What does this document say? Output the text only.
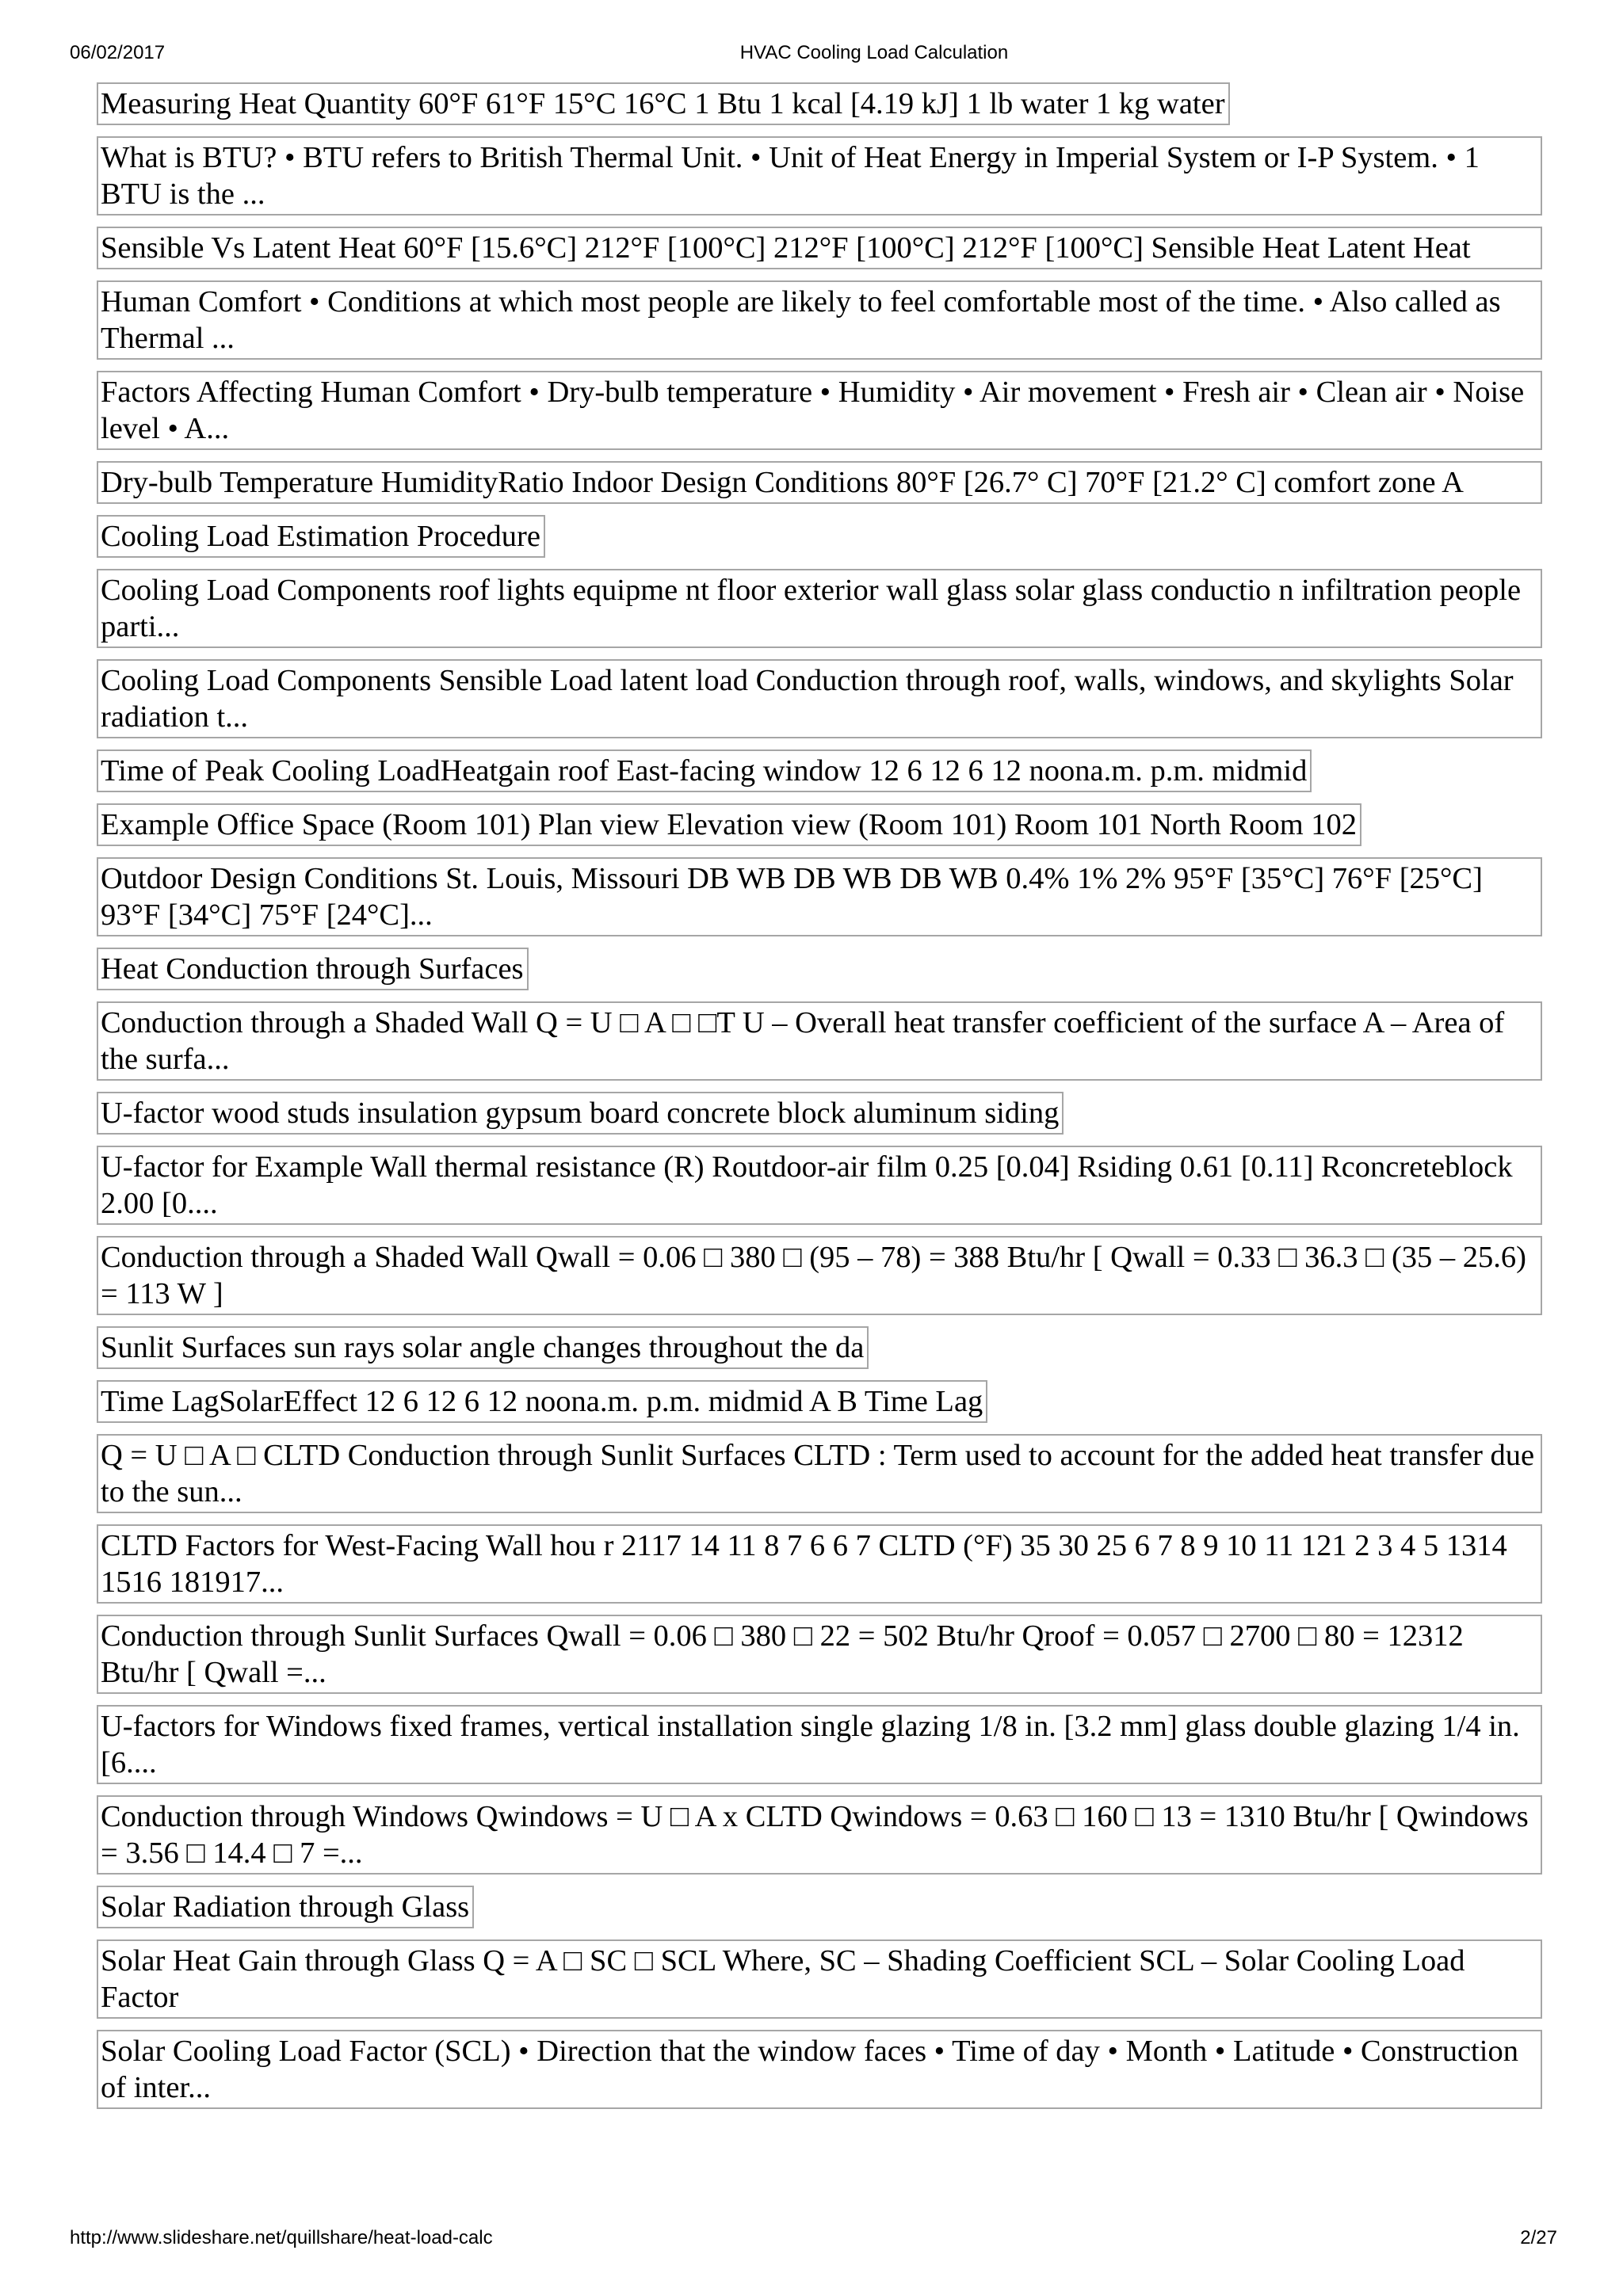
06/02/2017	HVAC Cooling Load Calculation
Measuring Heat Quantity 60°F 61°F 15°C 16°C 1 Btu 1 kcal [4.19 kJ] 1 lb water 1 kg water
What is BTU? • BTU refers to British Thermal Unit. • Unit of Heat Energy in Imperial System or I-P System. • 1 BTU is the ...
Sensible Vs Latent Heat 60°F [15.6°C] 212°F [100°C] 212°F [100°C] 212°F [100°C] Sensible Heat Latent Heat
Human Comfort • Conditions at which most people are likely to feel comfortable most of the time. • Also called as Thermal ...
Factors Affecting Human Comfort • Dry-bulb temperature • Humidity • Air movement • Fresh air • Clean air • Noise level • A...
Dry-bulb Temperature HumidityRatio Indoor Design Conditions 80°F [26.7° C] 70°F [21.2° C] comfort zone A
Cooling Load Estimation Procedure
Cooling Load Components roof lights equipme nt floor exterior wall glass solar glass conductio n infiltration people parti...
Cooling Load Components Sensible Load latent load Conduction through roof, walls, windows, and skylights Solar radiation t...
Time of Peak Cooling LoadHeatgain roof East-facing window 12 6 12 6 12 noona.m. p.m. midmid
Example Office Space (Room 101) Plan view Elevation view (Room 101) Room 101 North Room 102
Outdoor Design Conditions St. Louis, Missouri DB WB DB WB DB WB 0.4% 1% 2% 95°F [35°C] 76°F [25°C] 93°F [34°C] 75°F [24°C]...
Heat Conduction through Surfaces
Conduction through a Shaded Wall Q = U □ A □ □T U – Overall heat transfer coefficient of the surface A – Area of the surfa...
U-factor wood studs insulation gypsum board concrete block aluminum siding
U-factor for Example Wall thermal resistance (R) Routdoor-air film 0.25 [0.04] Rsiding 0.61 [0.11] Rconcreteblock 2.00 [0....
Conduction through a Shaded Wall Qwall = 0.06 □ 380 □ (95 – 78) = 388 Btu/hr [ Qwall = 0.33 □ 36.3 □ (35 – 25.6) = 113 W ]
Sunlit Surfaces sun rays solar angle changes throughout the da
Time LagSolarEffect 12 6 12 6 12 noona.m. p.m. midmid A B Time Lag
Q = U □ A □ CLTD Conduction through Sunlit Surfaces CLTD : Term used to account for the added heat transfer due to the sun...
CLTD Factors for West-Facing Wall hou r 2117 14 11 8 7 6 6 7 CLTD (°F) 35 30 25 6 7 8 9 10 11 121 2 3 4 5 1314 1516 181917...
Conduction through Sunlit Surfaces Qwall = 0.06 □ 380 □ 22 = 502 Btu/hr Qroof = 0.057 □ 2700 □ 80 = 12312 Btu/hr [ Qwall =...
U-factors for Windows fixed frames, vertical installation single glazing 1/8 in. [3.2 mm] glass double glazing 1/4 in. [6....
Conduction through Windows Qwindows = U □ A x CLTD Qwindows = 0.63 □ 160 □ 13 = 1310 Btu/hr [ Qwindows = 3.56 □ 14.4 □ 7 =...
Solar Radiation through Glass
Solar Heat Gain through Glass Q = A □ SC □ SCL Where, SC – Shading Coefficient SCL – Solar Cooling Load Factor
Solar Cooling Load Factor (SCL) • Direction that the window faces • Time of day • Month • Latitude • Construction of inter...
http://www.slideshare.net/quillshare/heat-load-calc	2/27
